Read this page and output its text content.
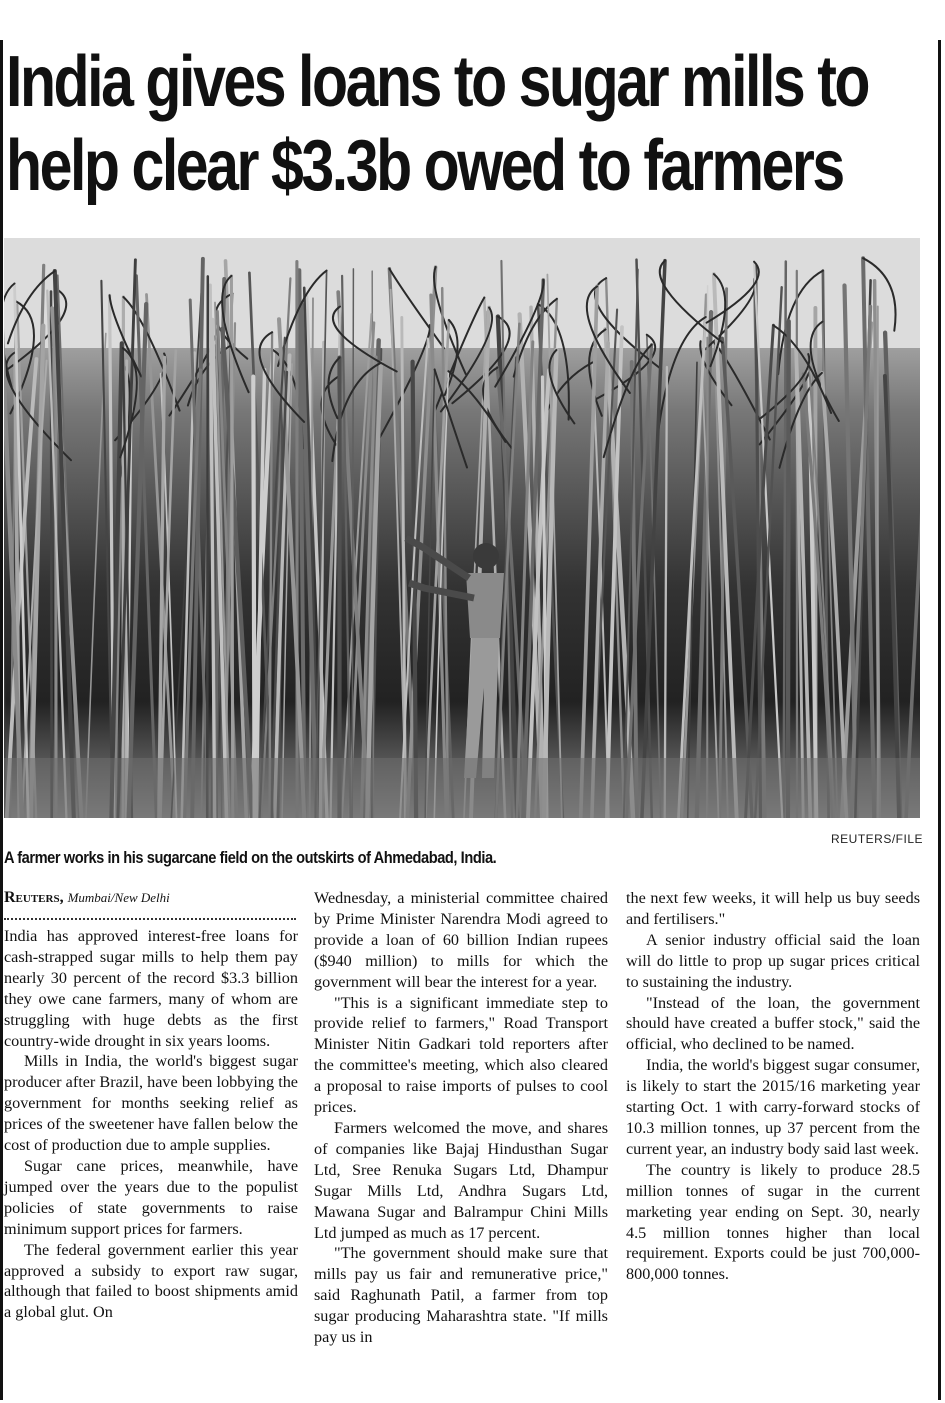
India gives loans to sugar mills to
help clear $3.3b owed to farmers
REUTERS/FILE
A farmer works in his sugarcane field on the outskirts of Ahmedabad, India.
Reuters, Mumbai/New Delhi

India has approved interest-free loans for cash-strapped sugar mills to help them pay nearly 30 percent of the record $3.3 billion they owe cane farmers, many of whom are struggling with huge debts as the first country-wide drought in six years looms.

Mills in India, the world's biggest sugar producer after Brazil, have been lobbying the government for months seeking relief as prices of the sweetener have fallen below the cost of production due to ample supplies.

Sugar cane prices, meanwhile, have jumped over the years due to the populist policies of state governments to raise minimum support prices for farmers.

The federal government earlier this year approved a subsidy to export raw sugar, although that failed to boost shipments amid a global glut. On

Wednesday, a ministerial committee chaired by Prime Minister Narendra Modi agreed to provide a loan of 60 billion Indian rupees ($940 million) to mills for which the government will bear the interest for a year.

"This is a significant immediate step to provide relief to farmers," Road Transport Minister Nitin Gadkari told reporters after the committee's meeting, which also cleared a proposal to raise imports of pulses to cool prices.

Farmers welcomed the move, and shares of companies like Bajaj Hindusthan Sugar Ltd, Sree Renuka Sugars Ltd, Dhampur Sugar Mills Ltd, Andhra Sugars Ltd, Mawana Sugar and Balrampur Chini Mills Ltd jumped as much as 17 percent.

"The government should make sure that mills pay us fair and remunerative price," said Raghunath Patil, a farmer from top sugar producing Maharashtra state. "If mills pay us in

the next few weeks, it will help us buy seeds and fertilisers."

A senior industry official said the loan will do little to prop up sugar prices critical to sustaining the industry.

"Instead of the loan, the government should have created a buffer stock," said the official, who declined to be named.

India, the world's biggest sugar consumer, is likely to start the 2015/16 marketing year starting Oct. 1 with carry-forward stocks of 10.3 million tonnes, up 37 percent from the current year, an industry body said last week.

The country is likely to produce 28.5 million tonnes of sugar in the current marketing year ending on Sept. 30, nearly 4.5 million tonnes higher than local requirement. Exports could be just 700,000-800,000 tonnes.
